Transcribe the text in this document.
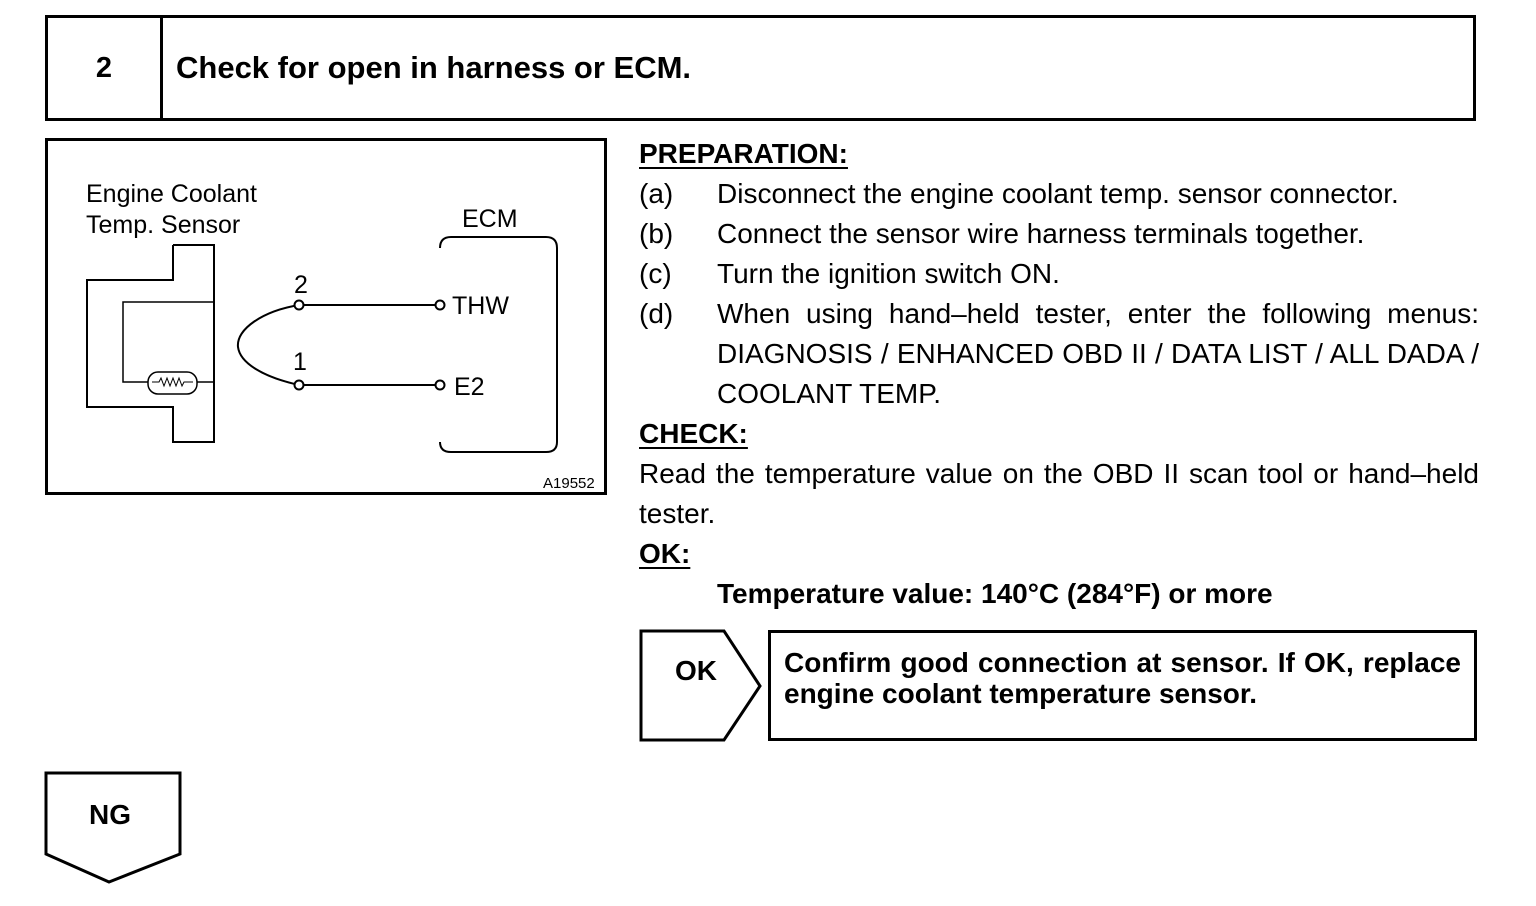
2	Check for open in harness or ECM.
Engine Coolant
Temp. Sensor	ECM
2
1
THW
E2
A19552
PREPARATION:
(a)	Disconnect the engine coolant temp. sensor connector.
(b)	Connect the sensor wire harness terminals together.
(c)	Turn the ignition switch ON.
(d)	When using hand–held tester, enter the following menus: DIAGNOSIS / ENHANCED OBD II / DATA LIST / ALL DADA / COOLANT TEMP.
CHECK:
Read the temperature value on the OBD II scan tool or hand–held tester.
OK:
Temperature value: 140°C (284°F) or more
OK	Confirm good connection at sensor. If OK, replace engine coolant temperature sensor.
NG
